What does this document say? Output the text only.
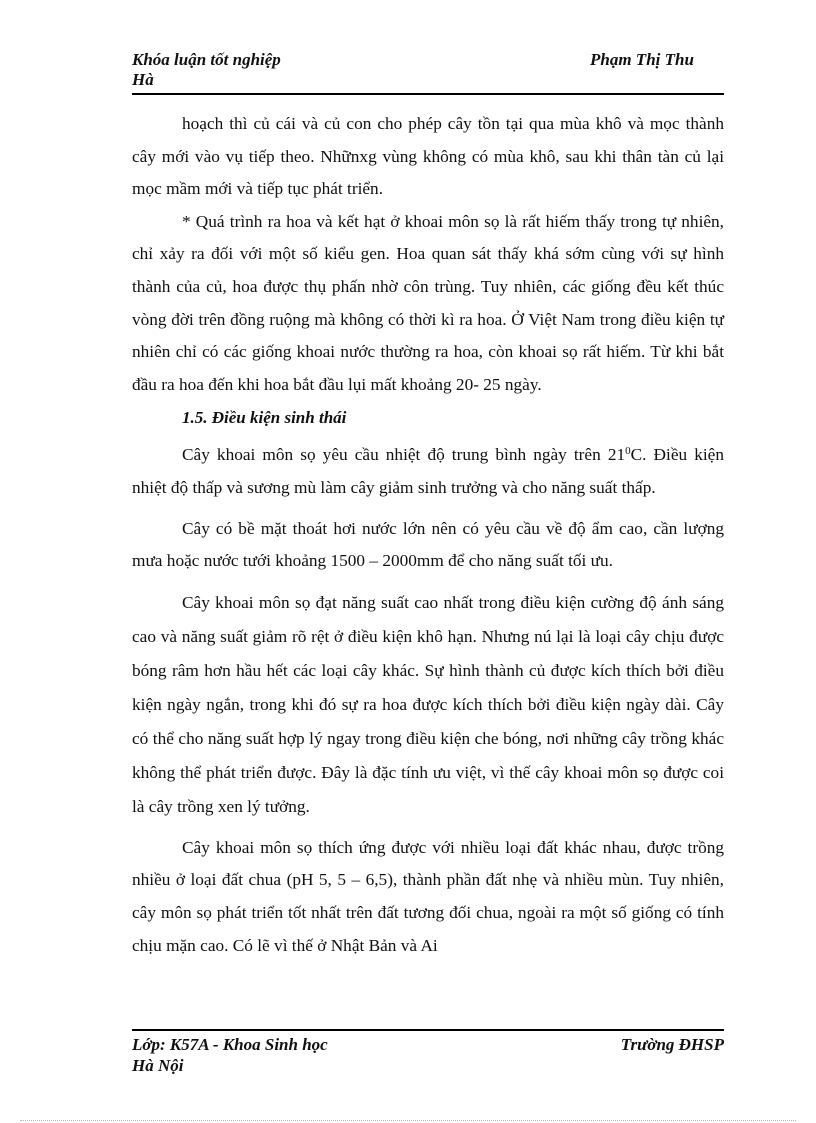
Khóa luận tốt nghiệp
Hà
Phạm Thị Thu

hoạch thì củ cái và củ con cho phép cây tồn tại qua mùa khô và mọc thành cây mới vào vụ tiếp theo. Nhữnxg vùng không có mùa khô, sau khi thân tàn củ lại mọc mầm mới và tiếp tục phát triển.

* Quá trình ra hoa và kết hạt ở khoai môn sọ là rất hiếm thấy trong tự nhiên, chỉ xảy ra đối với một số kiểu gen. Hoa quan sát thấy khá sớm cùng với sự hình thành của củ, hoa được thụ phấn nhờ côn trùng. Tuy nhiên, các giống đều kết thúc vòng đời trên đồng ruộng mà không có thời kì ra hoa. Ở Việt Nam trong điều kiện tự nhiên chỉ có các giống khoai nước thường ra hoa, còn khoai sọ rất hiếm. Từ khi bắt đầu ra hoa đến khi hoa bắt đầu lụi mất khoảng 20- 25 ngày.

1.5. Điều kiện sinh thái

Cây khoai môn sọ yêu cầu nhiệt độ trung bình ngày trên $21^0C$. Điều kiện nhiệt độ thấp và sương mù làm cây giảm sinh trưởng và cho năng suất thấp.

Cây có bề mặt thoát hơi nước lớn nên có yêu cầu về độ ẩm cao, cần lượng mưa hoặc nước tưới khoảng 1500 – 2000mm để cho năng suất tối ưu.

Cây khoai môn sọ đạt năng suất cao nhất trong điều kiện cường độ ánh sáng cao và năng suất giảm rõ rệt ở điều kiện khô hạn. Nhưng nú lại là loại cây chịu được bóng râm hơn hầu hết các loại cây khác. Sự hình thành củ được kích thích bởi điều kiện ngày ngắn, trong khi đó sự ra hoa được kích thích bởi điều kiện ngày dài. Cây có thể cho năng suất hợp lý ngay trong điều kiện che bóng, nơi những cây trồng khác không thể phát triển được. Đây là đặc tính ưu việt, vì thế cây khoai môn sọ được coi là cây trồng xen lý tưởng.

Cây khoai môn sọ thích ứng được với nhiều loại đất khác nhau, được trồng nhiều ở loại đất chua (pH 5, 5 – 6,5), thành phần đất nhẹ và nhiều mùn. Tuy nhiên, cây môn sọ phát triển tốt nhất trên đất tương đối chua, ngoài ra một số giống có tính chịu mặn cao. Có lẽ vì thế ở Nhật Bản và Ai

Lớp: K57A - Khoa Sinh học
Hà Nội
Trường ĐHSP
